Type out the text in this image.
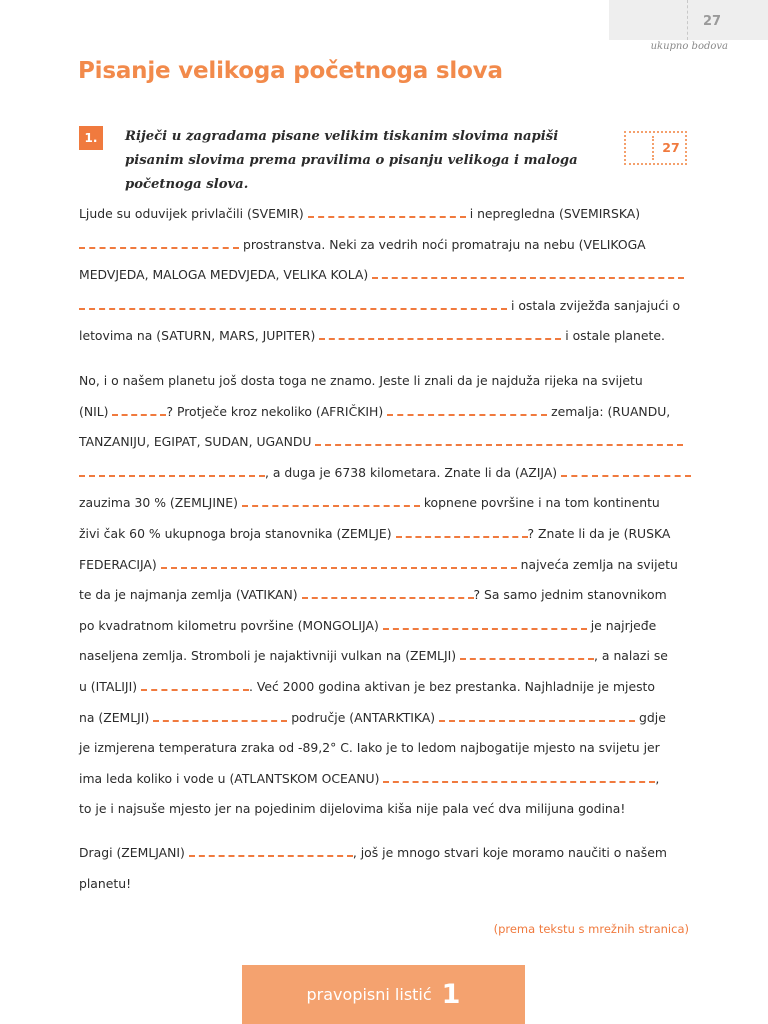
27
ukupno bodova
Pisanje velikoga početnoga slova
1.	Riječi u zagradama pisane velikim tiskanim slovima napiši pisanim slovima prema pravilima o pisanju velikoga i maloga početnoga slova.

27
Ljude su oduvijek privlačili (SVEMIR)	i nepregledna (SVEMIRSKA)
prostranstva. Neki za vedrih noći promatraju na nebu (VELIKOGA
MEDVJEDA, MALOGA MEDVJEDA, VELIKA KOLA)
i ostala zviježđa sanjajući o
letovima na (SATURN, MARS, JUPITER)	i ostale planete.
No, i o našem planetu još dosta toga ne znamo. Jeste li znali da je najduža rijeka na svijetu
(NIL)	? Protječe kroz nekoliko (AFRIČKIH)	zemalja: (RUANDU,
TANZANIJU, EGIPAT, SUDAN, UGANDU
, a duga je 6738 kilometara. Znate li da (AZIJA)
zauzima 30 % (ZEMLJINE)	kopnene površine i na tom kontinentu
živi čak 60 % ukupnoga broja stanovnika (ZEMLJE)	? Znate li da je (RUSKA
FEDERACIJA)	najveća zemlja na svijetu
te da je najmanja zemlja (VATIKAN)	? Sa samo jednim stanovnikom
po kvadratnom kilometru površine (MONGOLIJA)	je najrjeđe
naseljena zemlja. Stromboli je najaktivniji vulkan na (ZEMLJI)	, a nalazi se
u (ITALIJI)	. Već 2000 godina aktivan je bez prestanka. Najhladnije je mjesto
na (ZEMLJI)	područje (ANTARKTIKA)	gdje
je izmjerena temperatura zraka od -89,2° C. Iako je to ledom najbogatije mjesto na svijetu jer
ima leda koliko i vode u (ATLANTSKOM OCEANU)	,
to je i najsuše mjesto jer na pojedinim dijelovima kiša nije pala već dva milijuna godina!
Dragi (ZEMLJANI)	, još je mnogo stvari koje moramo naučiti o našem
planetu!
(prema tekstu s mrežnih stranica)
pravopisni listić 1
